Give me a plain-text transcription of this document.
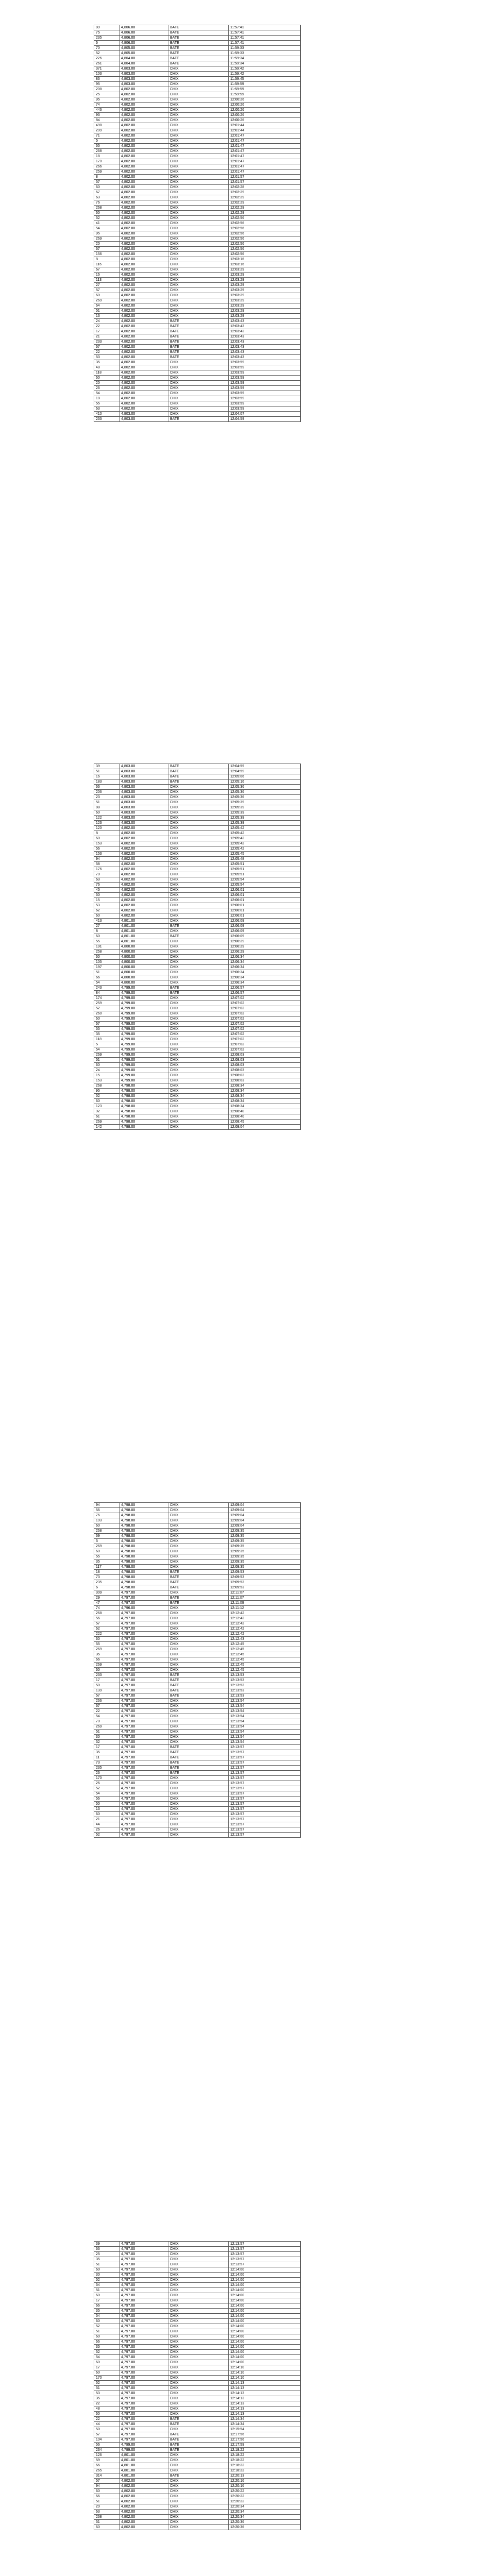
89	4,806.00	BATE	11:57:41
75	4,806.00	BATE	11:57:41
235	4,806.00	BATE	11:57:41
6	4,806.00	BATE	11:57:41
70	4,805.00	BATE	11:59:33
52	4,805.00	BATE	11:59:33
226	4,804.00	BATE	11:59:34
261	4,804.00	BATE	11:59:34
371	4,803.00	CHIX	11:59:42
103	4,803.00	CHIX	11:59:42
86	4,803.00	CHIX	11:59:45
95	4,803.00	CHIX	11:59:59
208	4,802.00	CHIX	11:59:59
25	4,802.00	CHIX	11:59:59
95	4,802.00	CHIX	12:00:26
74	4,802.00	CHIX	12:00:26
446	4,802.00	CHIX	12:00:26
93	4,802.00	CHIX	12:00:26
84	4,802.00	CHIX	12:00:26
498	4,802.00	CHIX	12:01:44
209	4,802.00	CHIX	12:01:44
71	4,802.00	CHIX	12:01:47
5	4,802.00	CHIX	12:01:47
65	4,802.00	CHIX	12:01:47
268	4,802.00	CHIX	12:01:47
18	4,802.00	CHIX	12:01:47
170	4,802.00	CHIX	12:01:47
266	4,802.00	CHIX	12:01:47
259	4,802.00	CHIX	12:01:47
8	4,802.00	CHIX	12:01:57
57	4,802.00	CHIX	12:01:57
60	4,802.00	CHIX	12:02:28
67	4,802.00	CHIX	12:02:29
63	4,802.00	CHIX	12:02:29
76	4,802.00	CHIX	12:02:29
268	4,802.00	CHIX	12:02:29
60	4,802.00	CHIX	12:02:29
52	4,802.00	CHIX	12:02:56
41	4,802.00	CHIX	12:02:56
54	4,802.00	CHIX	12:02:56
95	4,802.00	CHIX	12:02:56
269	4,802.00	CHIX	12:02:56
20	4,802.00	CHIX	12:02:56
67	4,802.00	CHIX	12:02:56
156	4,802.00	CHIX	12:02:56
8	4,802.00	CHIX	12:03:16
116	4,802.00	CHIX	12:03:16
67	4,802.00	CHIX	12:03:29
16	4,802.00	CHIX	12:03:29
113	4,802.00	CHIX	12:03:29
27	4,802.00	CHIX	12:03:29
57	4,802.00	CHIX	12:03:29
60	4,802.00	CHIX	12:03:29
269	4,802.00	CHIX	12:03:29
64	4,802.00	CHIX	12:03:29
51	4,802.00	CHIX	12:03:29
13	4,802.00	CHIX	12:03:29
24	4,802.00	BATE	12:03:43
22	4,802.00	BATE	12:03:43
17	4,802.00	BATE	12:03:43
21	4,802.00	BATE	12:03:43
233	4,802.00	BATE	12:03:43
67	4,802.00	BATE	12:03:43
22	4,802.00	BATE	12:03:43
53	4,802.00	BATE	12:03:43
35	4,802.00	CHIX	12:03:59
48	4,802.00	CHIX	12:03:59
118	4,802.00	CHIX	12:03:59
60	4,802.00	CHIX	12:03:59
20	4,802.00	CHIX	12:03:59
26	4,802.00	CHIX	12:03:59
54	4,802.00	CHIX	12:03:59
18	4,802.00	CHIX	12:03:59
55	4,802.00	CHIX	12:03:59
63	4,802.00	CHIX	12:03:59
410	4,803.00	CHIX	12:04:07
233	4,803.00	BATE	12:04:59
39	4,803.00	BATE	12:04:59
51	4,803.00	BATE	12:04:59
16	4,803.00	BATE	12:05:06
183	4,803.00	BATE	12:05:16
66	4,803.00	CHIX	12:05:36
206	4,803.00	CHIX	12:05:36
23	4,803.00	CHIX	12:05:36
51	4,803.00	CHIX	12:05:39
88	4,803.00	CHIX	12:05:39
60	4,803.00	CHIX	12:05:39
122	4,803.00	CHIX	12:05:39
123	4,803.00	CHIX	12:05:39
120	4,802.00	CHIX	12:05:42
8	4,802.00	CHIX	12:05:42
60	4,802.00	CHIX	12:05:42
153	4,802.00	CHIX	12:05:42
56	4,802.00	CHIX	12:05:42
153	4,802.00	CHIX	12:05:45
94	4,802.00	CHIX	12:05:48
58	4,802.00	CHIX	12:05:51
176	4,802.00	CHIX	12:05:51
70	4,802.00	CHIX	12:05:51
63	4,802.00	CHIX	12:05:54
76	4,802.00	CHIX	12:05:54
45	4,802.00	CHIX	12:06:01
50	4,802.00	CHIX	12:06:01
15	4,802.00	CHIX	12:06:01
53	4,802.00	CHIX	12:06:01
62	4,802.00	CHIX	12:06:01
60	4,802.00	CHIX	12:06:01
413	4,801.00	CHIX	12:06:09
27	4,801.00	BATE	12:06:09
8	4,801.00	CHIX	12:06:09
60	4,801.00	BATE	12:06:09
55	4,801.00	CHIX	12:06:29
191	4,800.00	CHIX	12:06:29
258	4,800.00	CHIX	12:06:29
60	4,800.00	CHIX	12:06:34
105	4,800.00	CHIX	12:06:34
197	4,800.00	CHIX	12:06:34
51	4,800.00	CHIX	12:06:34
66	4,800.00	CHIX	12:06:34
54	4,800.00	CHIX	12:06:34
243	4,799.00	BATE	12:06:57
84	4,799.00	BATE	12:06:57
174	4,799.00	CHIX	12:07:02
259	4,799.00	CHIX	12:07:02
52	4,799.00	CHIX	12:07:02
260	4,799.00	CHIX	12:07:02
60	4,799.00	CHIX	12:07:02
67	4,799.00	CHIX	12:07:02
55	4,799.00	CHIX	12:07:02
35	4,799.00	CHIX	12:07:02
118	4,799.00	CHIX	12:07:02
5	4,799.00	CHIX	12:07:02
54	4,799.00	CHIX	12:07:02
269	4,799.00	CHIX	12:08:03
51	4,799.00	CHIX	12:08:03
60	4,799.00	CHIX	12:08:03
24	4,799.00	CHIX	12:08:03
15	4,799.00	CHIX	12:08:03
153	4,799.00	CHIX	12:08:03
268	4,798.00	CHIX	12:08:34
95	4,798.00	CHIX	12:08:34
52	4,798.00	CHIX	12:08:34
60	4,798.00	CHIX	12:08:34
123	4,798.00	CHIX	12:08:34
92	4,798.00	CHIX	12:08:40
61	4,798.00	CHIX	12:08:40
269	4,798.00	CHIX	12:08:45
142	4,798.00	CHIX	12:09:04
94	4,798.00	CHIX	12:09:04
56	4,798.00	CHIX	12:09:04
76	4,798.00	CHIX	12:09:04
103	4,798.00	CHIX	12:09:04
60	4,798.00	CHIX	12:09:04
268	4,798.00	CHIX	12:09:35
69	4,798.00	CHIX	12:09:35
5	4,798.00	CHIX	12:09:35
269	4,798.00	CHIX	12:09:35
60	4,798.00	CHIX	12:09:35
55	4,798.00	CHIX	12:09:35
35	4,798.00	CHIX	12:09:35
117	4,798.00	CHIX	12:09:35
18	4,798.00	BATE	12:09:53
73	4,798.00	BATE	12:09:53
235	4,798.00	BATE	12:09:53
6	4,798.00	BATE	12:09:53
309	4,797.00	CHIX	12:11:07
29	4,797.00	BATE	12:11:07
47	4,797.00	BATE	12:11:09
74	4,796.00	CHIX	12:11:12
268	4,797.00	CHIX	12:12:42
56	4,797.00	CHIX	12:12:42
57	4,797.00	CHIX	12:12:42
62	4,797.00	CHIX	12:12:42
222	4,797.00	CHIX	12:12:42
60	4,797.00	CHIX	12:12:43
55	4,797.00	CHIX	12:12:45
269	4,797.00	CHIX	12:12:45
35	4,797.00	CHIX	12:12:45
66	4,797.00	CHIX	12:12:45
269	4,797.00	CHIX	12:12:45
60	4,797.00	CHIX	12:12:45
233	4,797.00	BATE	12:13:53
17	4,797.00	BATE	12:13:53
50	4,797.00	BATE	12:13:53
139	4,797.00	BATE	12:13:53
57	4,797.00	BATE	12:13:53
266	4,797.00	CHIX	12:13:54
67	4,797.00	CHIX	12:13:54
22	4,797.00	CHIX	12:13:54
54	4,797.00	CHIX	12:13:54
70	4,797.00	CHIX	12:13:54
269	4,797.00	CHIX	12:13:54
51	4,797.00	CHIX	12:13:54
30	4,797.00	CHIX	12:13:54
32	4,797.00	CHIX	12:13:54
17	4,797.00	BATE	12:13:57
35	4,797.00	BATE	12:13:57
11	4,797.00	BATE	12:13:57
73	4,797.00	BATE	12:13:57
235	4,797.00	BATE	12:13:57
26	4,797.00	BATE	12:13:57
170	4,797.00	CHIX	12:13:57
26	4,797.00	CHIX	12:13:57
52	4,797.00	CHIX	12:13:57
54	4,797.00	CHIX	12:13:57
56	4,797.00	CHIX	12:13:57
50	4,797.00	CHIX	12:13:57
13	4,797.00	CHIX	12:13:57
60	4,797.00	CHIX	12:13:57
21	4,797.00	CHIX	12:13:57
44	4,797.00	CHIX	12:13:57
26	4,797.00	CHIX	12:13:57
52	4,797.00	CHIX	12:13:57
39	4,797.00	CHIX	12:13:57
66	4,797.00	CHIX	12:13:57
25	4,797.00	CHIX	12:13:57
35	4,797.00	CHIX	12:13:57
51	4,797.00	CHIX	12:13:57
60	4,797.00	CHIX	12:14:00
30	4,797.00	CHIX	12:14:00
52	4,797.00	CHIX	12:14:00
54	4,797.00	CHIX	12:14:00
51	4,797.00	CHIX	12:14:00
60	4,797.00	CHIX	12:14:00
17	4,797.00	CHIX	12:14:00
66	4,797.00	CHIX	12:14:00
35	4,797.00	CHIX	12:14:00
54	4,797.00	CHIX	12:14:00
60	4,797.00	CHIX	12:14:00
52	4,797.00	CHIX	12:14:00
51	4,797.00	CHIX	12:14:00
60	4,797.00	CHIX	12:14:00
66	4,797.00	CHIX	12:14:00
35	4,797.00	CHIX	12:14:00
52	4,797.00	CHIX	12:14:00
54	4,797.00	CHIX	12:14:00
60	4,797.00	CHIX	12:14:00
17	4,797.00	CHIX	12:14:10
60	4,797.00	CHIX	12:14:10
170	4,797.00	CHIX	12:14:10
52	4,797.00	CHIX	12:14:13
51	4,797.00	CHIX	12:14:13
53	4,797.00	CHIX	12:14:13
35	4,797.00	CHIX	12:14:13
22	4,797.00	CHIX	12:14:13
48	4,797.00	CHIX	12:14:13
60	4,797.00	CHIX	12:14:13
22	4,797.00	BATE	12:14:34
44	4,797.00	BATE	12:14:34
50	4,797.00	CHIX	12:15:54
57	4,797.00	BATE	12:17:56
104	4,797.00	BATE	12:17:56
56	4,799.00	BATE	12:17:59
234	4,799.00	BATE	12:18:22
126	4,801.00	CHIX	12:18:22
59	4,801.00	CHIX	12:18:22
66	4,801.00	CHIX	12:18:22
265	4,801.00	CHIX	12:18:22
314	4,801.00	BATE	12:20:13
57	4,802.00	CHIX	12:20:16
94	4,802.00	CHIX	12:20:16
60	4,802.00	CHIX	12:20:22
66	4,802.00	CHIX	12:20:22
51	4,802.00	CHIX	12:20:22
20	4,802.00	CHIX	12:20:34
63	4,802.00	CHIX	12:20:34
268	4,802.00	CHIX	12:20:34
51	4,802.00	CHIX	12:20:36
60	4,802.00	CHIX	12:20:36
